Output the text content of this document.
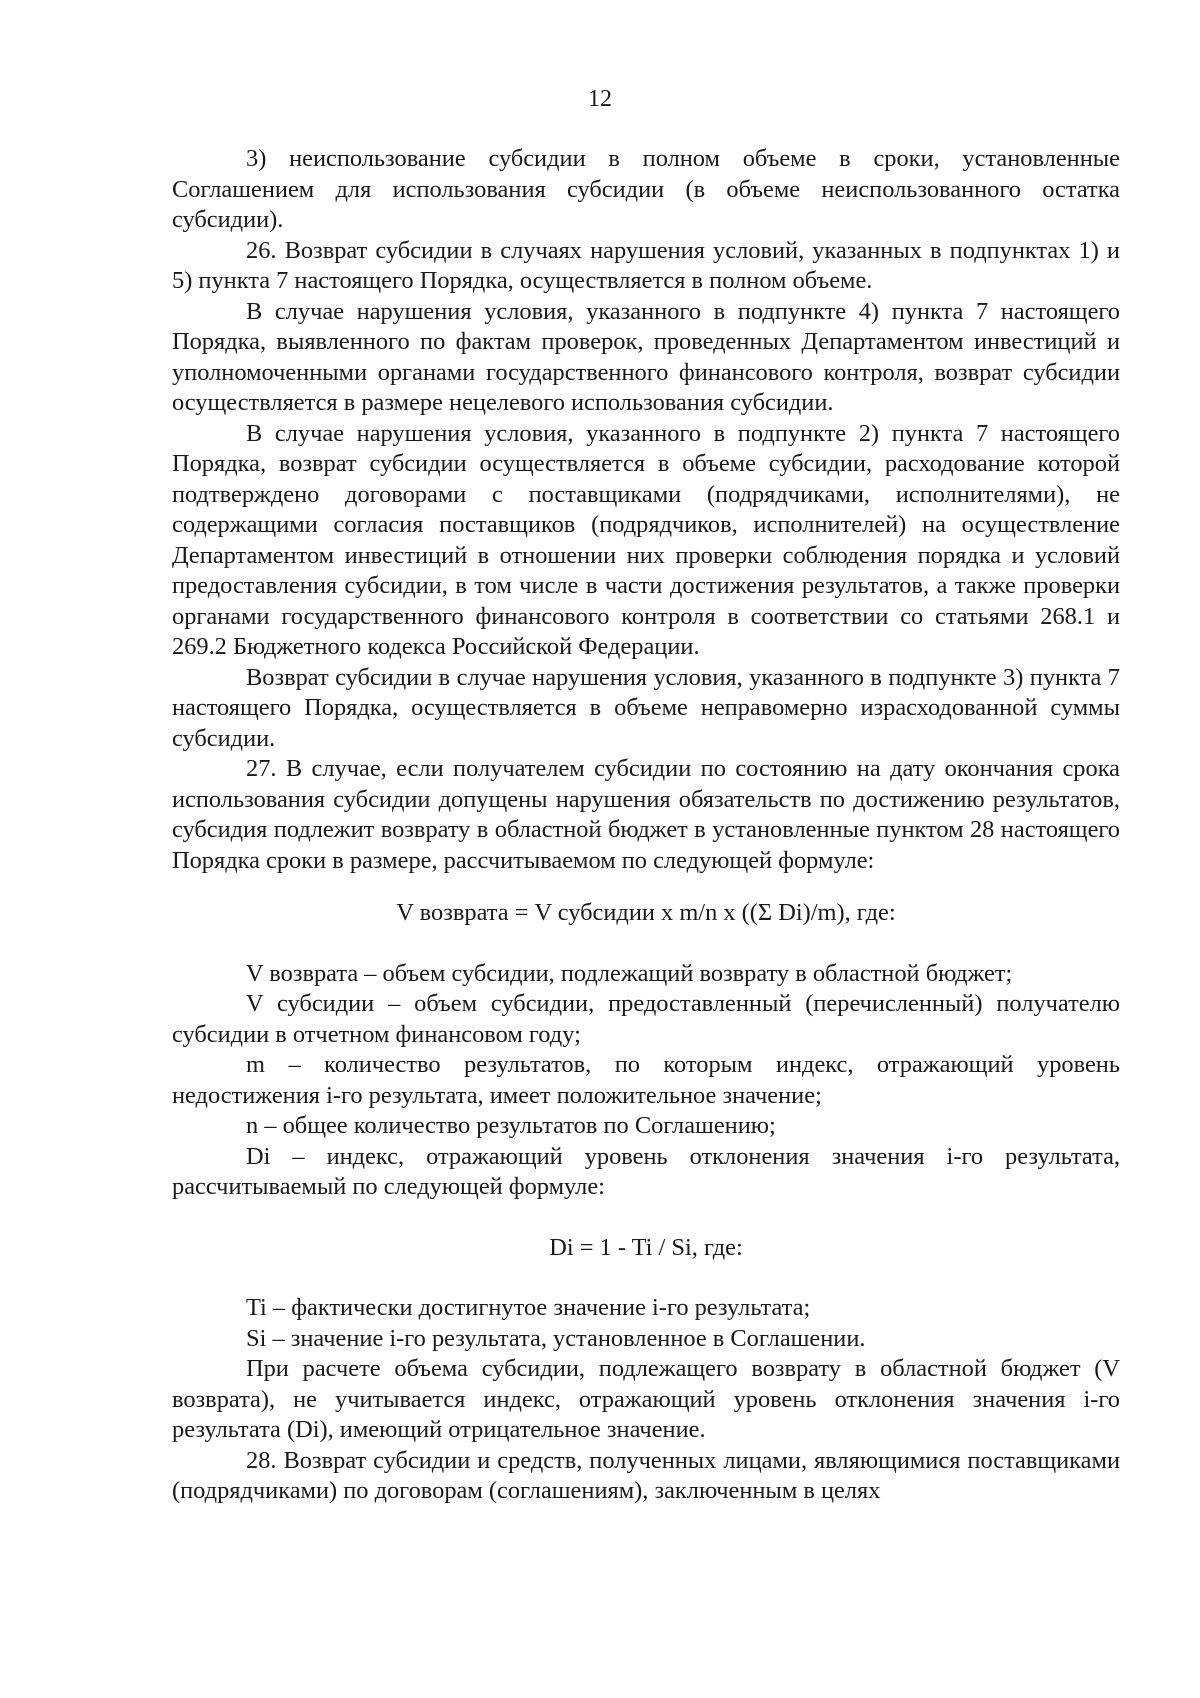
12

3) неиспользование субсидии в полном объеме в сроки, установленные Соглашением для использования субсидии (в объеме неиспользованного остатка субсидии).

26. Возврат субсидии в случаях нарушения условий, указанных в подпунктах 1) и 5) пункта 7 настоящего Порядка, осуществляется в полном объеме.

В случае нарушения условия, указанного в подпункте 4) пункта 7 настоящего Порядка, выявленного по фактам проверок, проведенных Департаментом инвестиций и уполномоченными органами государственного финансового контроля, возврат субсидии осуществляется в размере нецелевого использования субсидии.

В случае нарушения условия, указанного в подпункте 2) пункта 7 настоящего Порядка, возврат субсидии осуществляется в объеме субсидии, расходование которой подтверждено договорами с поставщиками (подрядчиками, исполнителями), не содержащими согласия поставщиков (подрядчиков, исполнителей) на осуществление Департаментом инвестиций в отношении них проверки соблюдения порядка и условий предоставления субсидии, в том числе в части достижения результатов, а также проверки органами государственного финансового контроля в соответствии со статьями 268.1 и 269.2 Бюджетного кодекса Российской Федерации.

Возврат субсидии в случае нарушения условия, указанного в подпункте 3) пункта 7 настоящего Порядка, осуществляется в объеме неправомерно израсходованной суммы субсидии.

27. В случае, если получателем субсидии по состоянию на дату окончания срока использования субсидии допущены нарушения обязательств по достижению результатов, субсидия подлежит возврату в областной бюджет в установленные пунктом 28 настоящего Порядка сроки в размере, рассчитываемом по следующей формуле:

V возврата = V субсидии х m/n х ((Σ Di)/m), где:

V возврата – объем субсидии, подлежащий возврату в областной бюджет;

V субсидии – объем субсидии, предоставленный (перечисленный) получателю субсидии в отчетном финансовом году;

m – количество результатов, по которым индекс, отражающий уровень недостижения i-го результата, имеет положительное значение;

n – общее количество результатов по Соглашению;

Di – индекс, отражающий уровень отклонения значения i-го результата, рассчитываемый по следующей формуле:

Di = 1 - Ti / Si, где:

Ti – фактически достигнутое значение i-го результата;

Si – значение i-го результата, установленное в Соглашении.

При расчете объема субсидии, подлежащего возврату в областной бюджет (V возврата), не учитывается индекс, отражающий уровень отклонения значения i-го результата (Di), имеющий отрицательное значение.

28. Возврат субсидии и средств, полученных лицами, являющимися поставщиками (подрядчиками) по договорам (соглашениям), заключенным в целях
